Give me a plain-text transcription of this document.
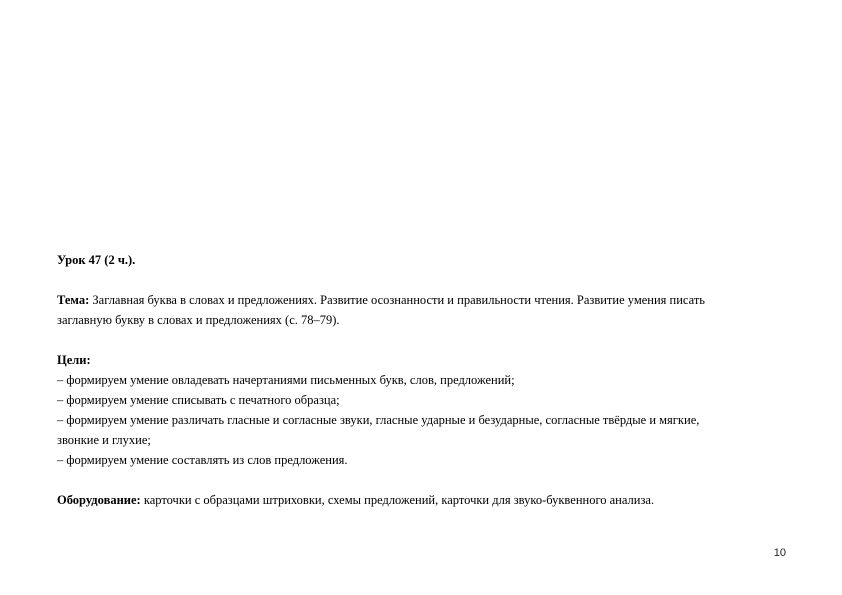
Урок 47 (2 ч.).

Тема: Заглавная буква в словах и предложениях. Развитие осознанности и правильности чтения. Развитие умения писать

заглавную букву в словах и предложениях (с. 78–79).

Цели:

– формируем умение овладевать начертаниями письменных букв, слов, предложений;

– формируем умение списывать с печатного образца;

– формируем умение различать гласные и согласные звуки, гласные ударные и безударные, согласные твёрдые и мягкие,

звонкие и глухие;

– формируем умение составлять из слов предложения.

Оборудование: карточки с образцами штриховки, схемы предложений, карточки для звуко-буквенного анализа.

10
